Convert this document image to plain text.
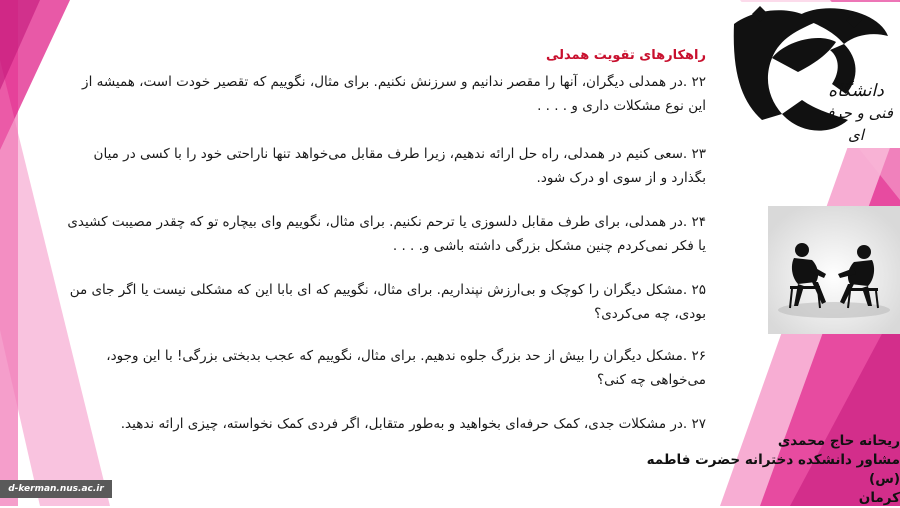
دانشگاه
فنی و حرفه ای
راهکارهای تقویت همدلی

۲۲ .در همدلی دیگران، آنها را مقصر ندانیم و سرزنش نکنیم. برای مثال، نگوییم که تقصیر خودت است، همیشه از این نوع مشکلات داری و . . . .

۲۳ .سعی کنیم در همدلی، راه حل ارائه ندهیم، زیرا طرف مقابل می‌خواهد تنها ناراحتی خود را با کسی در میان بگذارد و از سوی او درک شود.

۲۴ .در همدلی، برای طرف مقابل دلسوزی یا ترحم نکنیم. برای مثال، نگوییم وای بیچاره تو که چقدر مصیبت کشیدی یا فکر نمی‌کردم چنین مشکل بزرگی داشته باشی و. . . .

۲۵ .مشکل دیگران را کوچک و بی‌ارزش نپنداریم. برای مثال، نگوییم که ای بابا این که مشکلی نیست یا اگر جای من بودی، چه می‌کردی؟

۲۶ .مشکل دیگران را بیش از حد بزرگ جلوه ندهیم. برای مثال، نگوییم که عجب بدبختی بزرگی! با این وجود، می‌خواهی چه کنی؟

۲۷ .در مشکلات جدی، کمک حرفه‌ای بخواهید و به‌طور متقابل، اگر فردی کمک نخواسته، چیزی ارائه ندهید.

ریحانه حاج محمدی
مشاور دانشکده دخترانه حضرت فاطمه (س)
کرمان
d-kerman.nus.ac.ir
